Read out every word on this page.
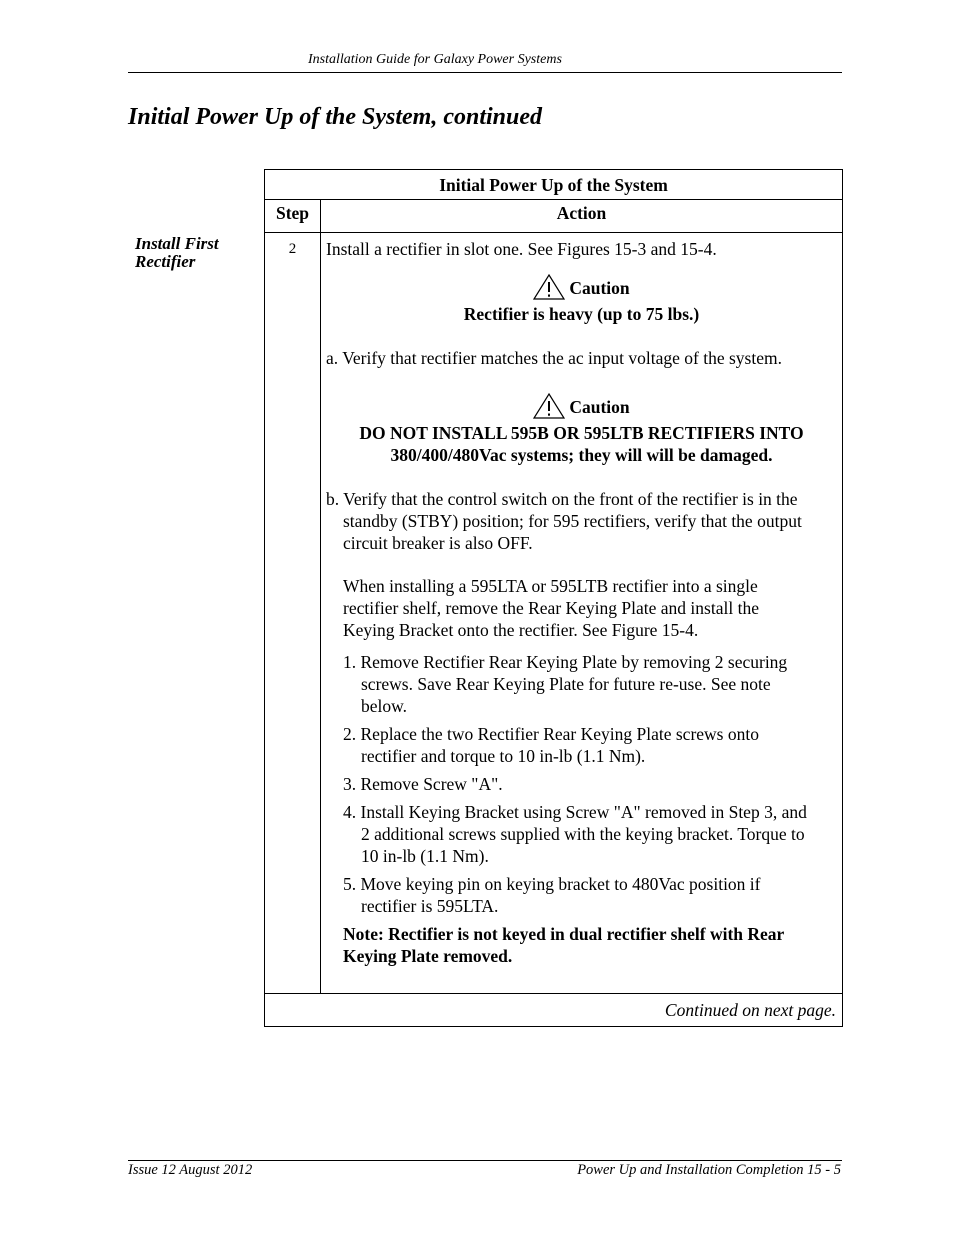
Installation Guide for Galaxy Power Systems
Initial Power Up of the System, continued
Install First Rectifier
Initial Power Up of the System
Step	Action
2	Install a rectifier in slot one. See Figures 15-3 and 15-4.
Caution
Rectifier is heavy (up to 75 lbs.)
a. Verify that rectifier matches the ac input voltage of the system.
Caution
DO NOT INSTALL 595B OR 595LTB RECTIFIERS INTO
380/400/480Vac systems; they will will be damaged.
b. Verify that the control switch on the front of the rectifier is in the
standby (STBY) position; for 595 rectifiers, verify that the output
circuit breaker is also OFF.
When installing a 595LTA or 595LTB rectifier into a single
rectifier shelf, remove the Rear Keying Plate and install the
Keying Bracket onto the rectifier. See Figure 15-4.
1. Remove Rectifier Rear Keying Plate by removing 2 securing
screws. Save Rear Keying Plate for future re-use. See note
below.
2. Replace the two Rectifier Rear Keying Plate screws onto
rectifier and torque to 10 in-lb (1.1 Nm).
3. Remove Screw "A".
4. Install Keying Bracket using Screw "A" removed in Step 3, and
2 additional screws supplied with the keying bracket. Torque to
10 in-lb (1.1 Nm).
5. Move keying pin on keying bracket to 480Vac position if
rectifier is 595LTA.
Note: Rectifier is not keyed in dual rectifier shelf with Rear
Keying Plate removed.
Continued on next page.
Issue 12 August 2012	Power Up and Installation Completion 15 - 5
